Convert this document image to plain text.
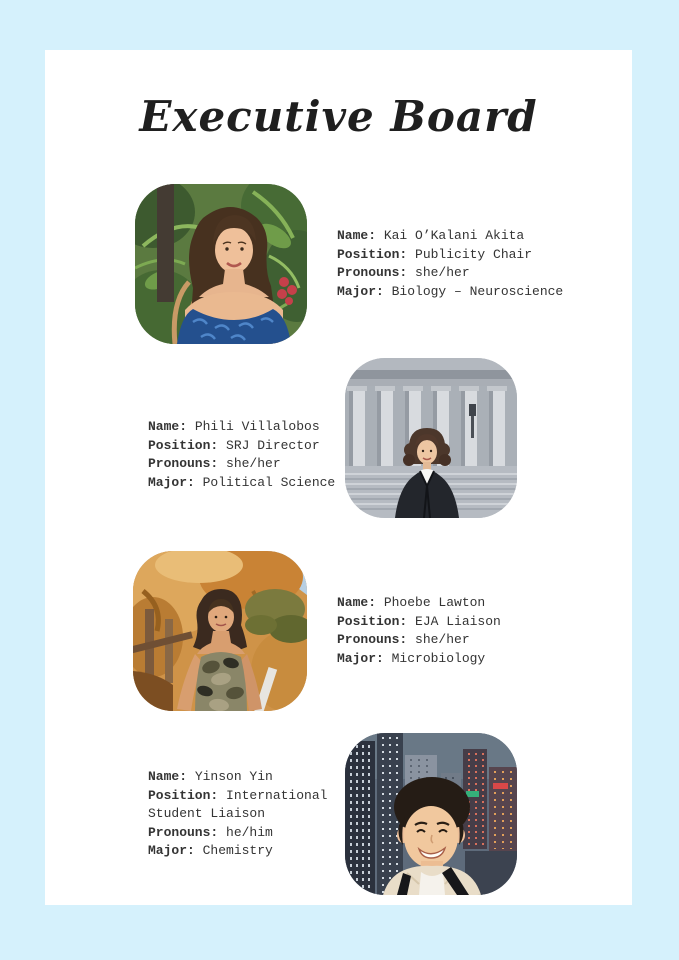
Executive Board
Name: Kai O’Kalani Akita
Position: Publicity Chair
Pronouns: she/her
Major: Biology – Neuroscience
Name: Phili Villalobos
Position: SRJ Director
Pronouns: she/her
Major: Political Science
Name: Phoebe Lawton
Position: EJA Liaison
Pronouns: she/her
Major: Microbiology
Name: Yinson Yin
Position: International Student Liaison
Pronouns: he/him
Major: Chemistry
